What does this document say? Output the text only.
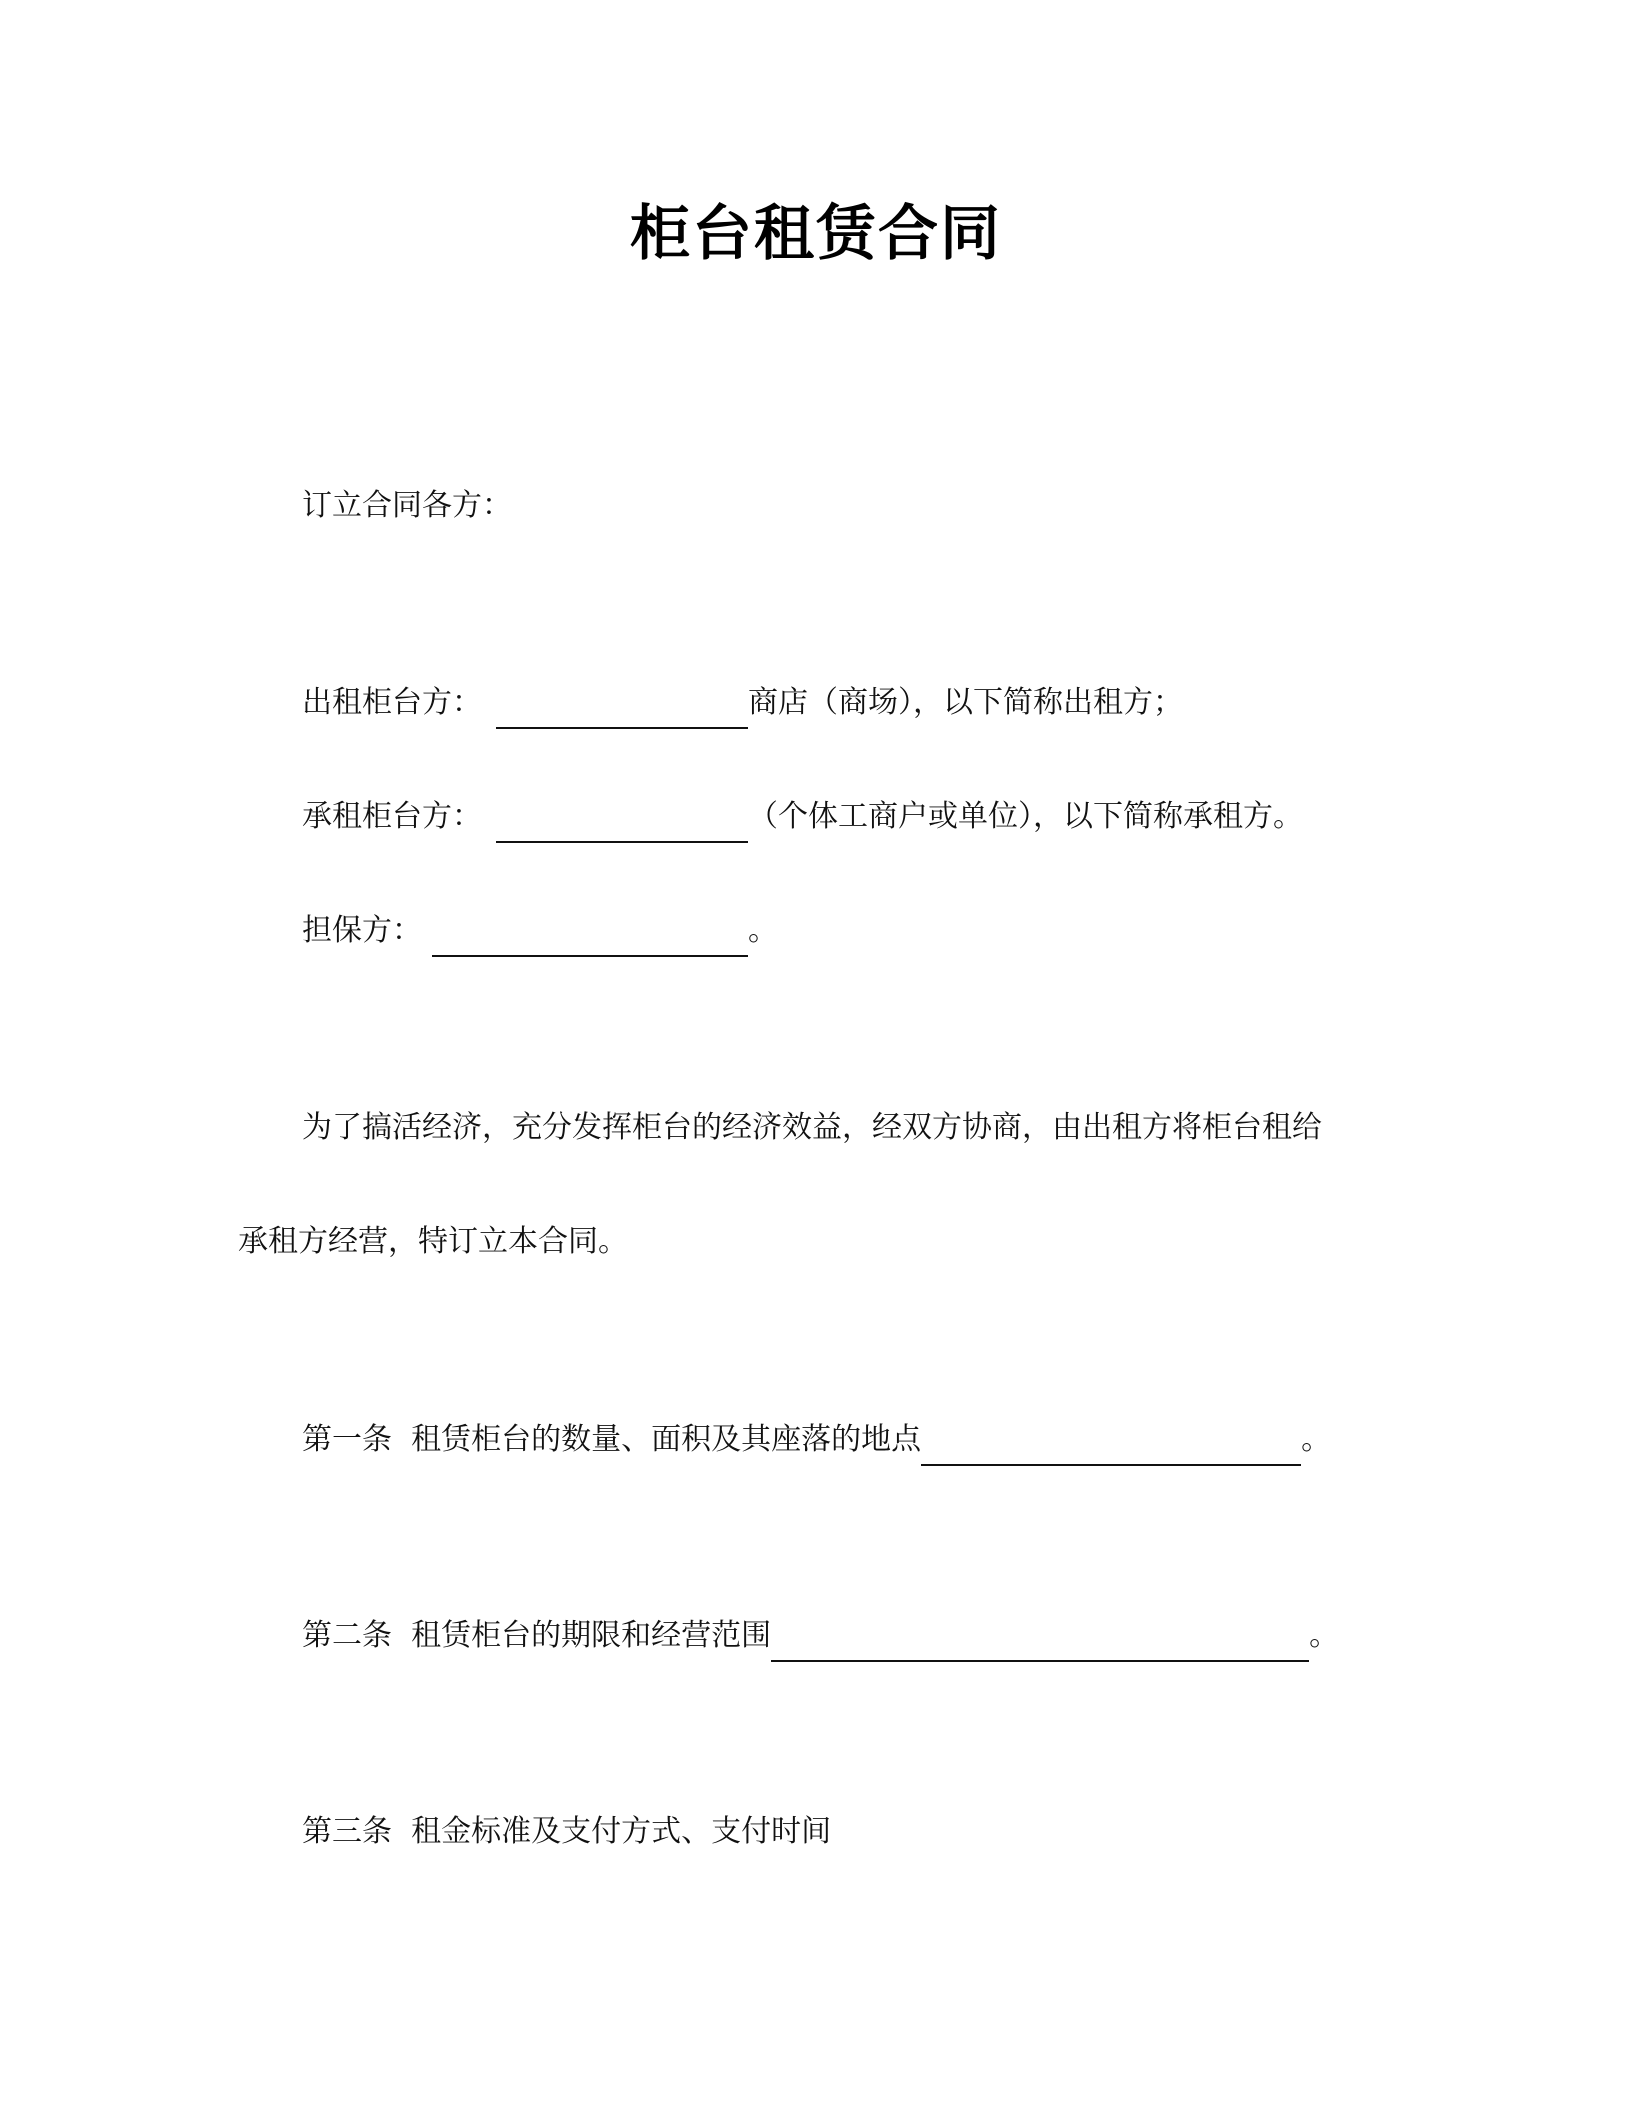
柜台租赁合同
订立合同各方：
出租柜台方：	商店（商场），以下简称出租方；
承租柜台方：	（个体工商户或单位），以下简称承租方。
担保方：	。
为了搞活经济，充分发挥柜台的经济效益，经双方协商，由出租方将柜台租给
承租方经营，特订立本合同。
第一条  租赁柜台的数量、面积及其座落的地点	。
第二条  租赁柜台的期限和经营范围	。
第三条  租金标准及支付方式、支付时间
